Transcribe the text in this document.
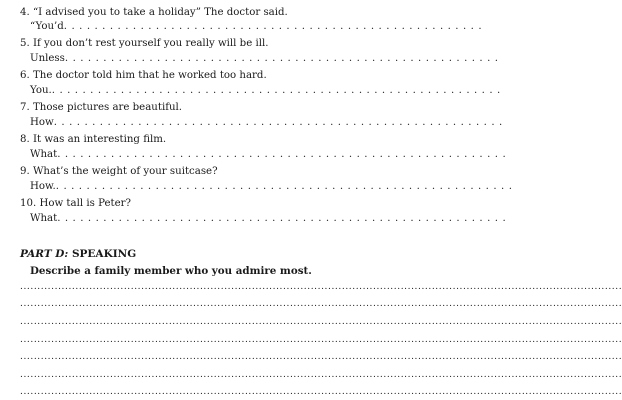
4. “I advised you to take a holiday” The doctor said.
“You’d. . . . . . . . . . . . . . . . . . . . . . . . . . . . . . . . . . . . . . . . . . . . . . . . . . . . . . .
5. If you don’t rest yourself you really will be ill.
Unless. . . . . . . . . . . . . . . . . . . . . . . . . . . . . . . . . . . . . . . . . . . . . . . . . . . . . . . . .
6. The doctor told him that he worked too hard.
You.. . . . . . . . . . . . . . . . . . . . . . . . . . . . . . . . . . . . . . . . . . . . . . . . . . . . . . . . . . .
7. Those pictures are beautiful.
How. . . . . . . . . . . . . . . . . . . . . . . . . . . . . . . . . . . . . . . . . . . . . . . . . . . . . . . . . . .
8. It was an interesting film.
What. . . . . . . . . . . . . . . . . . . . . . . . . . . . . . . . . . . . . . . . . . . . . . . . . . . . . . . . . . .
9. What’s the weight of your suitcase?
How.. . . . . . . . . . . . . . . . . . . . . . . . . . . . . . . . . . . . . . . . . . . . . . . . . . . . . . . . . . . .
10. How tall is Peter?
What. . . . . . . . . . . . . . . . . . . . . . . . . . . . . . . . . . . . . . . . . . . . . . . . . . . . . . . . . . .
PART D: SPEAKING
Describe a family member who you admire most.
..............................................................................................................................................................................
..............................................................................................................................................................................
..............................................................................................................................................................................
..............................................................................................................................................................................
..............................................................................................................................................................................
..............................................................................................................................................................................
..............................................................................................................................................................................
